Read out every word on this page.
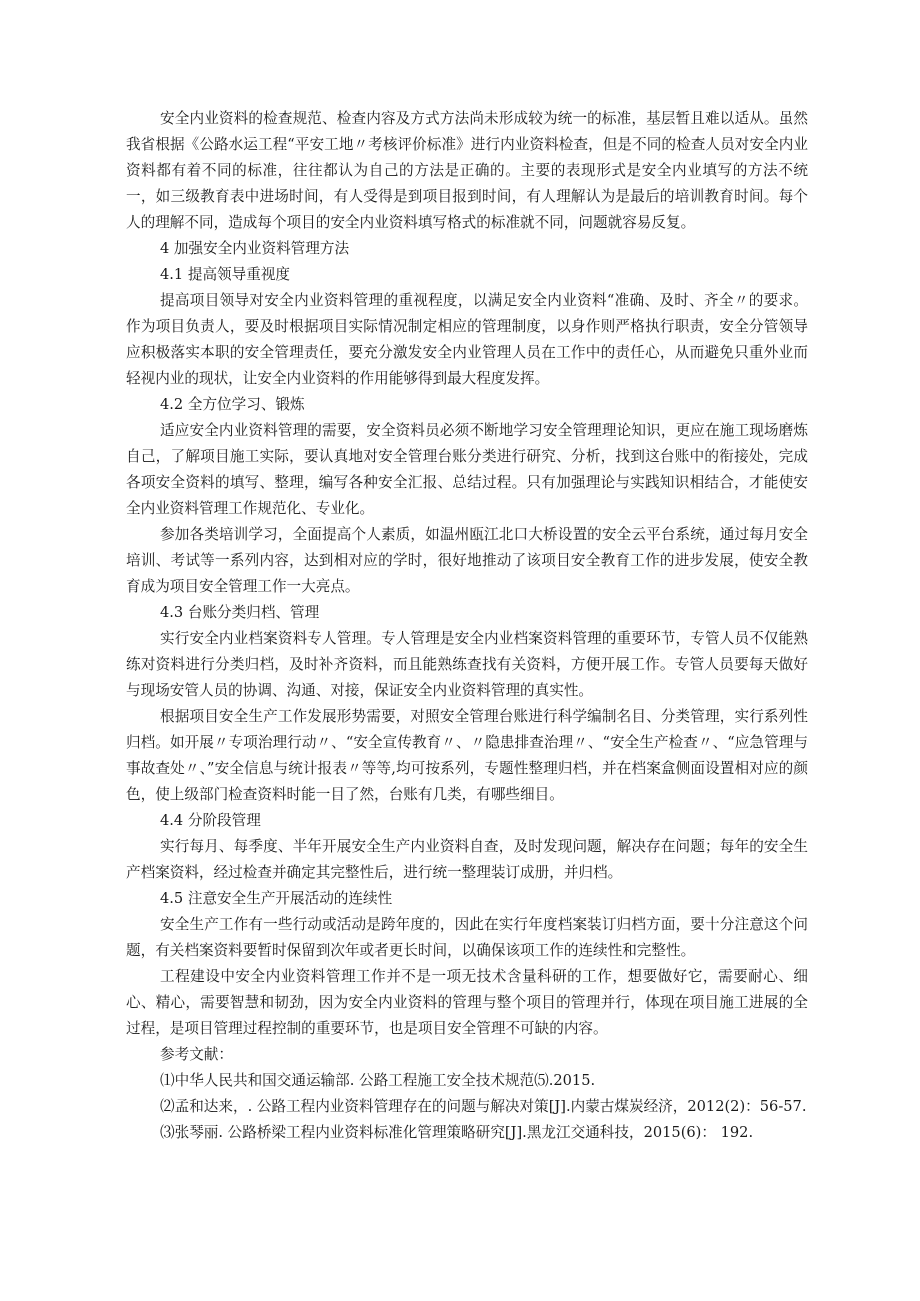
安全内业资料的检查规范、检查内容及方式方法尚未形成较为统一的标准，基层暂且难以适从。虽然我省根据《公路水运工程“平安工地〃考核评价标准》进行内业资料检查，但是不同的检查人员对安全内业资料都有着不同的标准，往往都认为自己的方法是正确的。主要的表现形式是安全内业填写的方法不统一，如三级教育表中进场时间，有人受得是到项目报到时间，有人理解认为是最后的培训教育时间。每个人的理解不同，造成每个项目的安全内业资料填写格式的标准就不同，问题就容易反复。

4 加强安全内业资料管理方法

4.1 提高领导重视度

提高项目领导对安全内业资料管理的重视程度，以满足安全内业资料“准确、及时、齐全〃的要求。作为项目负责人，要及时根据项目实际情况制定相应的管理制度，以身作则严格执行职责，安全分管领导应积极落实本职的安全管理责任，要充分激发安全内业管理人员在工作中的责任心，从而避免只重外业而轻视内业的现状，让安全内业资料的作用能够得到最大程度发挥。

4.2 全方位学习、锻炼

适应安全内业资料管理的需要，安全资料员必须不断地学习安全管理理论知识，更应在施工现场磨炼自己，了解项目施工实际，要认真地对安全管理台账分类进行研究、分析，找到这台账中的衔接处，完成各项安全资料的填写、整理，编写各种安全汇报、总结过程。只有加强理论与实践知识相结合，才能使安全内业资料管理工作规范化、专业化。

参加各类培训学习，全面提高个人素质，如温州瓯江北口大桥设置的安全云平台系统，通过每月安全培训、考试等一系列内容，达到相对应的学时，很好地推动了该项目安全教育工作的进步发展，使安全教育成为项目安全管理工作一大亮点。

4.3 台账分类归档、管理

实行安全内业档案资料专人管理。专人管理是安全内业档案资料管理的重要环节，专管人员不仅能熟练对资料进行分类归档，及时补齐资料，而且能熟练查找有关资料，方便开展工作。专管人员要每天做好与现场安管人员的协调、沟通、对接，保证安全内业资料管理的真实性。

根据项目安全生产工作发展形势需要，对照安全管理台账进行科学编制名目、分类管理，实行系列性归档。如开展〃专项治理行动〃、“安全宣传教育〃、〃隐患排查治理〃、“安全生产检查〃、“应急管理与事故查处〃、”安全信息与统计报表〃等等,均可按系列，专题性整理归档，并在档案盒侧面设置相对应的颜色，使上级部门检查资料时能一目了然，台账有几类，有哪些细目。

4.4 分阶段管理

实行每月、每季度、半年开展安全生产内业资料自查，及时发现问题，解决存在问题；每年的安全生产档案资料，经过检查并确定其完整性后，进行统一整理装订成册，并归档。

4.5 注意安全生产开展活动的连续性

安全生产工作有一些行动或活动是跨年度的，因此在实行年度档案装订归档方面，要十分注意这个问题，有关档案资料要暂时保留到次年或者更长时间，以确保该项工作的连续性和完整性。

工程建设中安全内业资料管理工作并不是一项无技术含量科研的工作，想要做好它，需要耐心、细心、精心，需要智慧和韧劲，因为安全内业资料的管理与整个项目的管理并行，体现在项目施工进展的全过程，是项目管理过程控制的重要环节，也是项目安全管理不可缺的内容。

参考文献：

⑴中华人民共和国交通运输部. 公路工程施工安全技术规范⑸.2015.

⑵孟和达来，. 公路工程内业资料管理存在的问题与解决对策[J].内蒙古煤炭经济，2012(2)：56-57.

⑶张琴丽. 公路桥梁工程内业资料标准化管理策略研究[J].黑龙江交通科技，2015(6)： 192.
